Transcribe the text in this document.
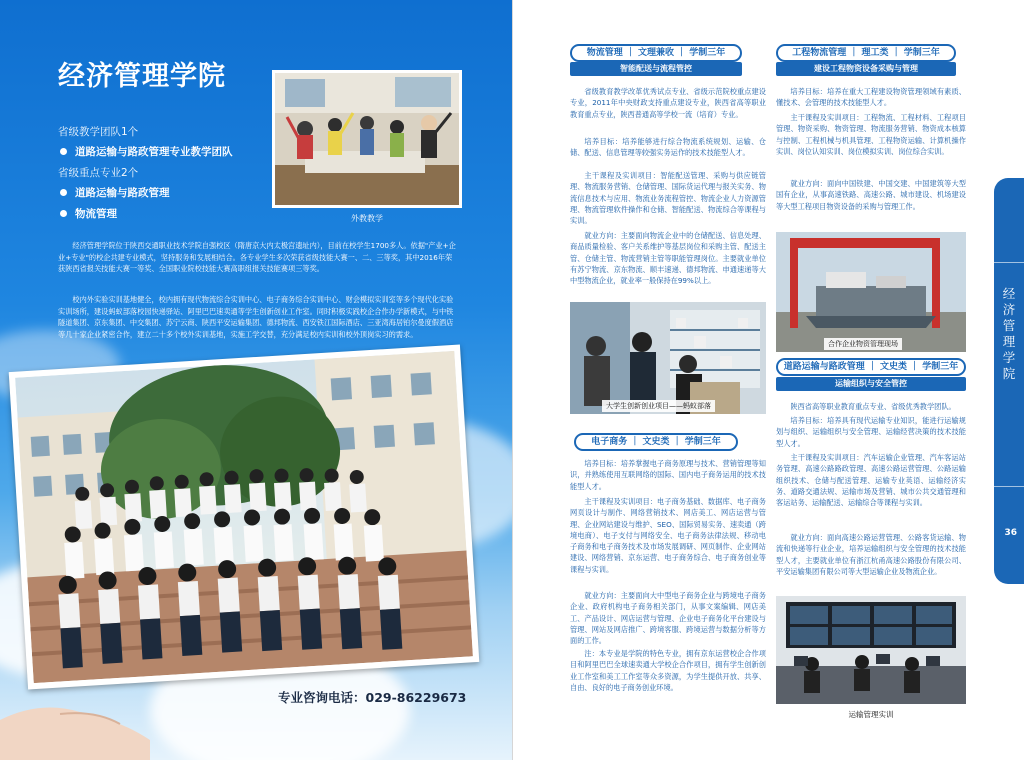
经济管理学院
省级教学团队1个
道路运输与路政管理专业教学团队
省级重点专业2个
道路运输与路政管理
物流管理	外教教学

经济管理学院位于陕西交通职业技术学院自强校区（隋唐京大内太极宫遗址内），目前在校学生1700多人。依据"产业+企业+专业"的校企共建专业模式，坚持服务和发展相结合。各专业学生多次荣获省级技能大赛一、二、三等奖，其中2016年荣获陕西省报关技能大赛一等奖、全国职业院校技能大赛高职组报关技能赛项三等奖。

校内外实验实训基地健全，校内拥有现代物流综合实训中心、电子商务综合实训中心、财会模拟实训室等多个现代化实验实训场所，建设蚂蚁部落校园快递驿站、阿里巴巴速卖通等学生创新创业工作室。同时积极实践校企合作办学新模式，与中铁隧道集团、京东集团、中交集团、苏宁云商、陕西平安运输集团、德邦物流、西安铁江国际酒店、三亚湾海居铂尔曼度假酒店等几十家企业紧密合作，建立二十多个校外实训基地，实施工学交替，充分满足校内实训和校外顶岗实习的需求。

专业咨询电话：029-86229673
物流管理 ｜ 文理兼收 ｜ 学制三年
智能配送与流程管控

省级教育教学改革优秀试点专业、省级示范院校重点建设专业，2011年中央财政支持重点建设专业，陕西省高等职业教育重点专业，陕西普通高等学校一流（培育）专业。

培养目标：培养能够进行综合物流系统规划、运输、仓储、配送、信息管理等较强实务运作的技术技能型人才。

主干课程及实训项目：智能配送管理、采购与供应链管理、物流服务营销、仓储管理、国际货运代理与报关实务、物流信息技术与应用、物流业务流程管控、物流企业人力资源管理、物流管理软件操作和仓储、智能配送、物流综合等课程与实训。

就业方向：主要面向物流企业中的仓储配送、信息处理、商品质量检验、客户关系维护等基层岗位和采购主管、配送主管、仓储主管、物流营销主管等职能管理岗位。主要就业单位有苏宁物流、京东物流、顺丰速递、德邦物流、申通速递等大中型物流企业，就业率一般保持在99%以上。

大学生创新创业项目——蚂蚁部落
电子商务 ｜ 文史类 ｜ 学制三年

培养目标：培养掌握电子商务原理与技术、营销管理等知识，并熟练使用互联网络的国际、国内电子商务运用的技术技能型人才。

主干课程及实训项目：电子商务基础、数据库、电子商务网页设计与制作、网络营销技术、网店美工、网店运营与管理、企业网站建设与维护、SEO、国际贸易实务、速卖通（跨境电商）、电子支付与网络安全、电子商务法律法规、移动电子商务和电子商务技术及市场发展调研、网页制作、企业网站建设、网络营销、京东运营、电子商务综合、电子商务创业等课程与实训。

就业方向：主要面向大中型电子商务企业与跨境电子商务企业、政府机构电子商务相关部门，从事文案编辑、网店美工、产品设计、网店运营与管理、企业电子商务化平台建设与管理、网站及网店推广、跨境客服、跨境运营与数据分析等方面的工作。

注：本专业是学院的特色专业，拥有京东运营校企合作项目和阿里巴巴全球速卖通大学校企合作项目，拥有学生创新创业工作室和美工工作室等众多资源，为学生提供开放、共享、自由、良好的电子商务创业环境。

工程物流管理 ｜ 理工类 ｜ 学制三年
建设工程物资设备采购与管理

培养目标：培养在重大工程建设物资管理领域有素质、懂技术、会管理的技术技能型人才。

主干课程及实训项目：工程物流、工程材料、工程项目管理、物资采购、物资管理、物流服务营销、物资成本核算与控制、工程机械与机具管理、工程物资运输、计算机操作实训、岗位认知实训、岗位模拟实训、岗位综合实训。

就业方向：面向中国铁建、中国交建、中国建筑等大型国有企业，从事高速铁路、高速公路、城市建设、机场建设等大型工程项目物资设备的采购与管理工作。

合作企业物资管理现场
道路运输与路政管理 ｜ 文史类 ｜ 学制三年
运输组织与安全管控

陕西省高等职业教育重点专业、省级优秀教学团队。

培养目标：培养具有现代运输专业知识，能进行运输规划与组织、运输组织与安全管理、运输经营决策的技术技能型人才。

主干课程及实训项目：汽车运输企业管理、汽车客运站务管理、高速公路路政管理、高速公路运营管理、公路运输组织技术、仓储与配送管理、运输专业英语、运输经济实务、道路交通法规、运输市场及营销、城市公共交通管理和客运站务、运输配送、运输综合等课程与实训。

就业方向：面向高速公路运营管理、公路客货运输、物流和快递等行业企业，培养运输组织与安全管理的技术技能型人才，主要就业单位有浙江杭甬高速公路股份有限公司、平安运输集团有限公司等大型运输企业及物流企业。

运输管理实训
经济管理学院
36
